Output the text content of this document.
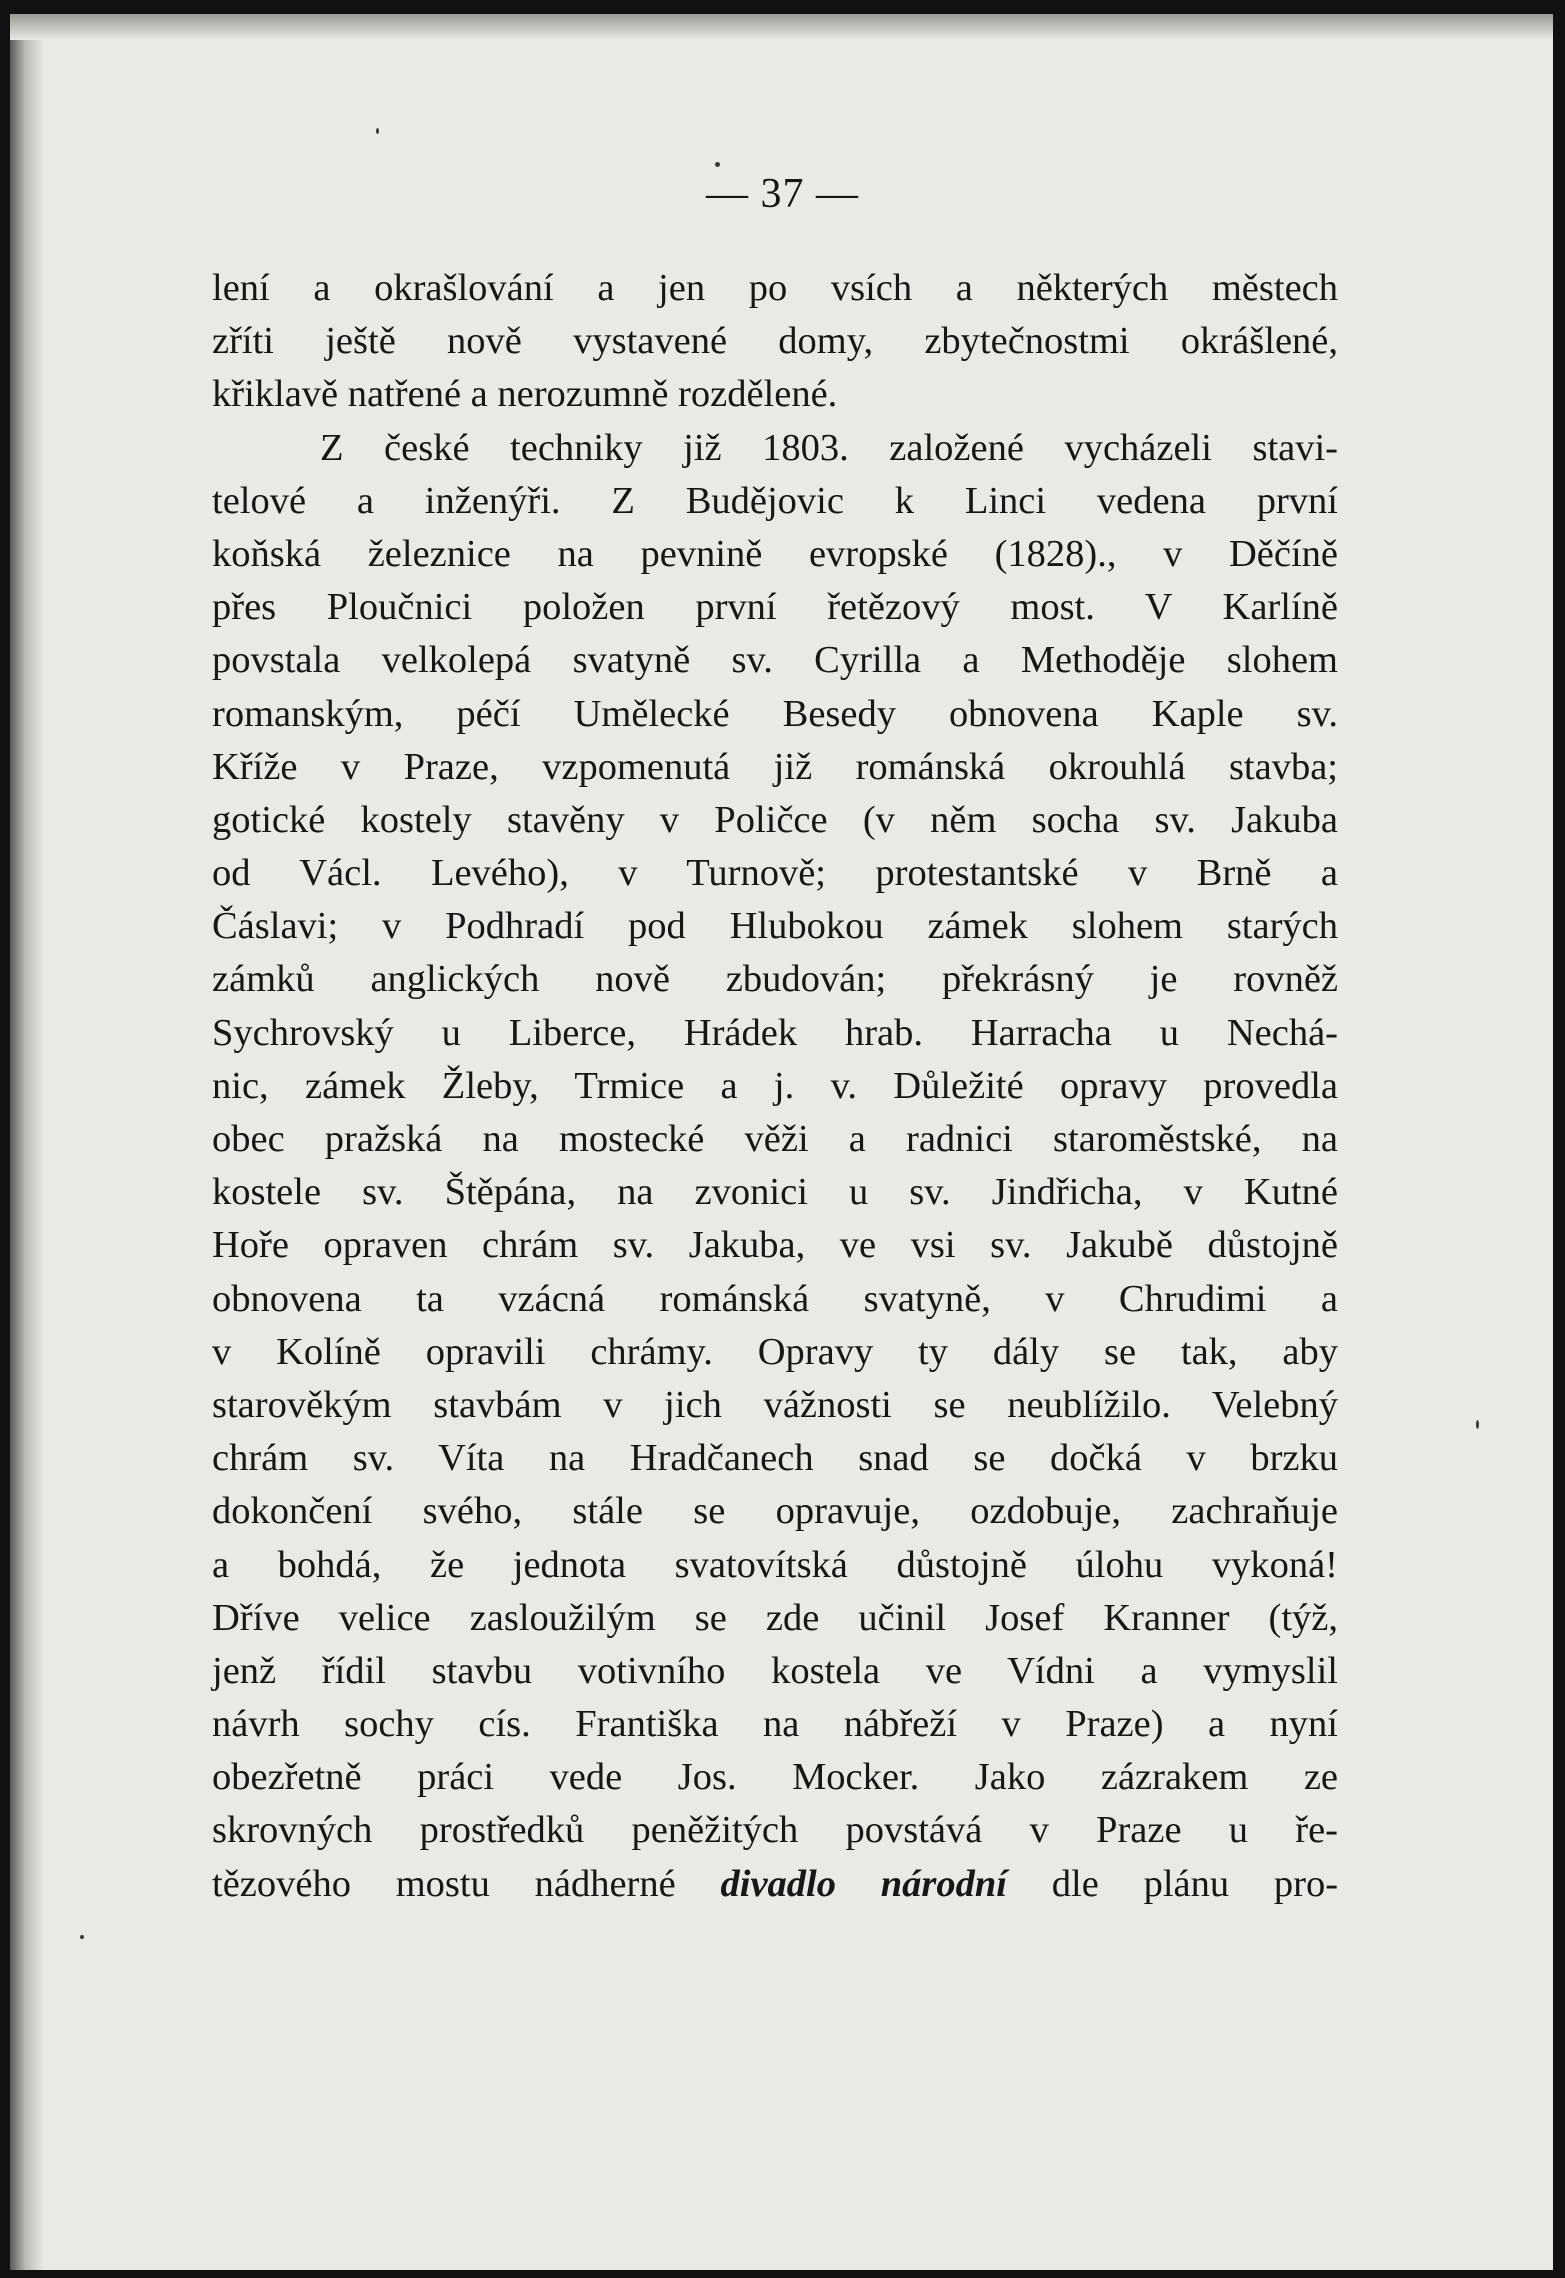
— 37 —
lení a okrašlování a jen po vsích a některých městech
zříti ještě nově vystavené domy, zbytečnostmi okrášlené,
křiklavě natřené a nerozumně rozdělené.
Z české techniky již 1803. založené vycházeli stavi-
telové a inženýři. Z Budějovic k Linci vedena první
koňská železnice na pevnině evropské (1828)., v Děčíně
přes Ploučnici položen první řetězový most. V Karlíně
povstala velkolepá svatyně sv. Cyrilla a Methoděje slohem
romanským, péčí Umělecké Besedy obnovena Kaple sv.
Kříže v Praze, vzpomenutá již románská okrouhlá stavba;
gotické kostely stavěny v Poličce (v něm socha sv. Jakuba
od Václ. Levého), v Turnově; protestantské v Brně a
Čáslavi; v Podhradí pod Hlubokou zámek slohem starých
zámků anglických nově zbudován; překrásný je rovněž
Sychrovský u Liberce, Hrádek hrab. Harracha u Nechá-
nic, zámek Žleby, Trmice a j. v. Důležité opravy provedla
obec pražská na mostecké věži a radnici staroměstské, na
kostele sv. Štěpána, na zvonici u sv. Jindřicha, v Kutné
Hoře opraven chrám sv. Jakuba, ve vsi sv. Jakubě důstojně
obnovena ta vzácná románská svatyně, v Chrudimi a
v Kolíně opravili chrámy. Opravy ty dály se tak, aby
starověkým stavbám v jich vážnosti se neublížilo. Velebný
chrám sv. Víta na Hradčanech snad se dočká v brzku
dokončení svého, stále se opravuje, ozdobuje, zachraňuje
a bohdá, že jednota svatovítská důstojně úlohu vykoná!
Dříve velice zasloužilým se zde učinil Josef Kranner (týž,
jenž řídil stavbu votivního kostela ve Vídni a vymyslil
návrh sochy cís. Františka na nábřeží v Praze) a nyní
obezřetně práci vede Jos. Mocker. Jako zázrakem ze
skrovných prostředků peněžitých povstává v Praze u ře-
tězového mostu nádherné divadlo národní dle plánu pro-
